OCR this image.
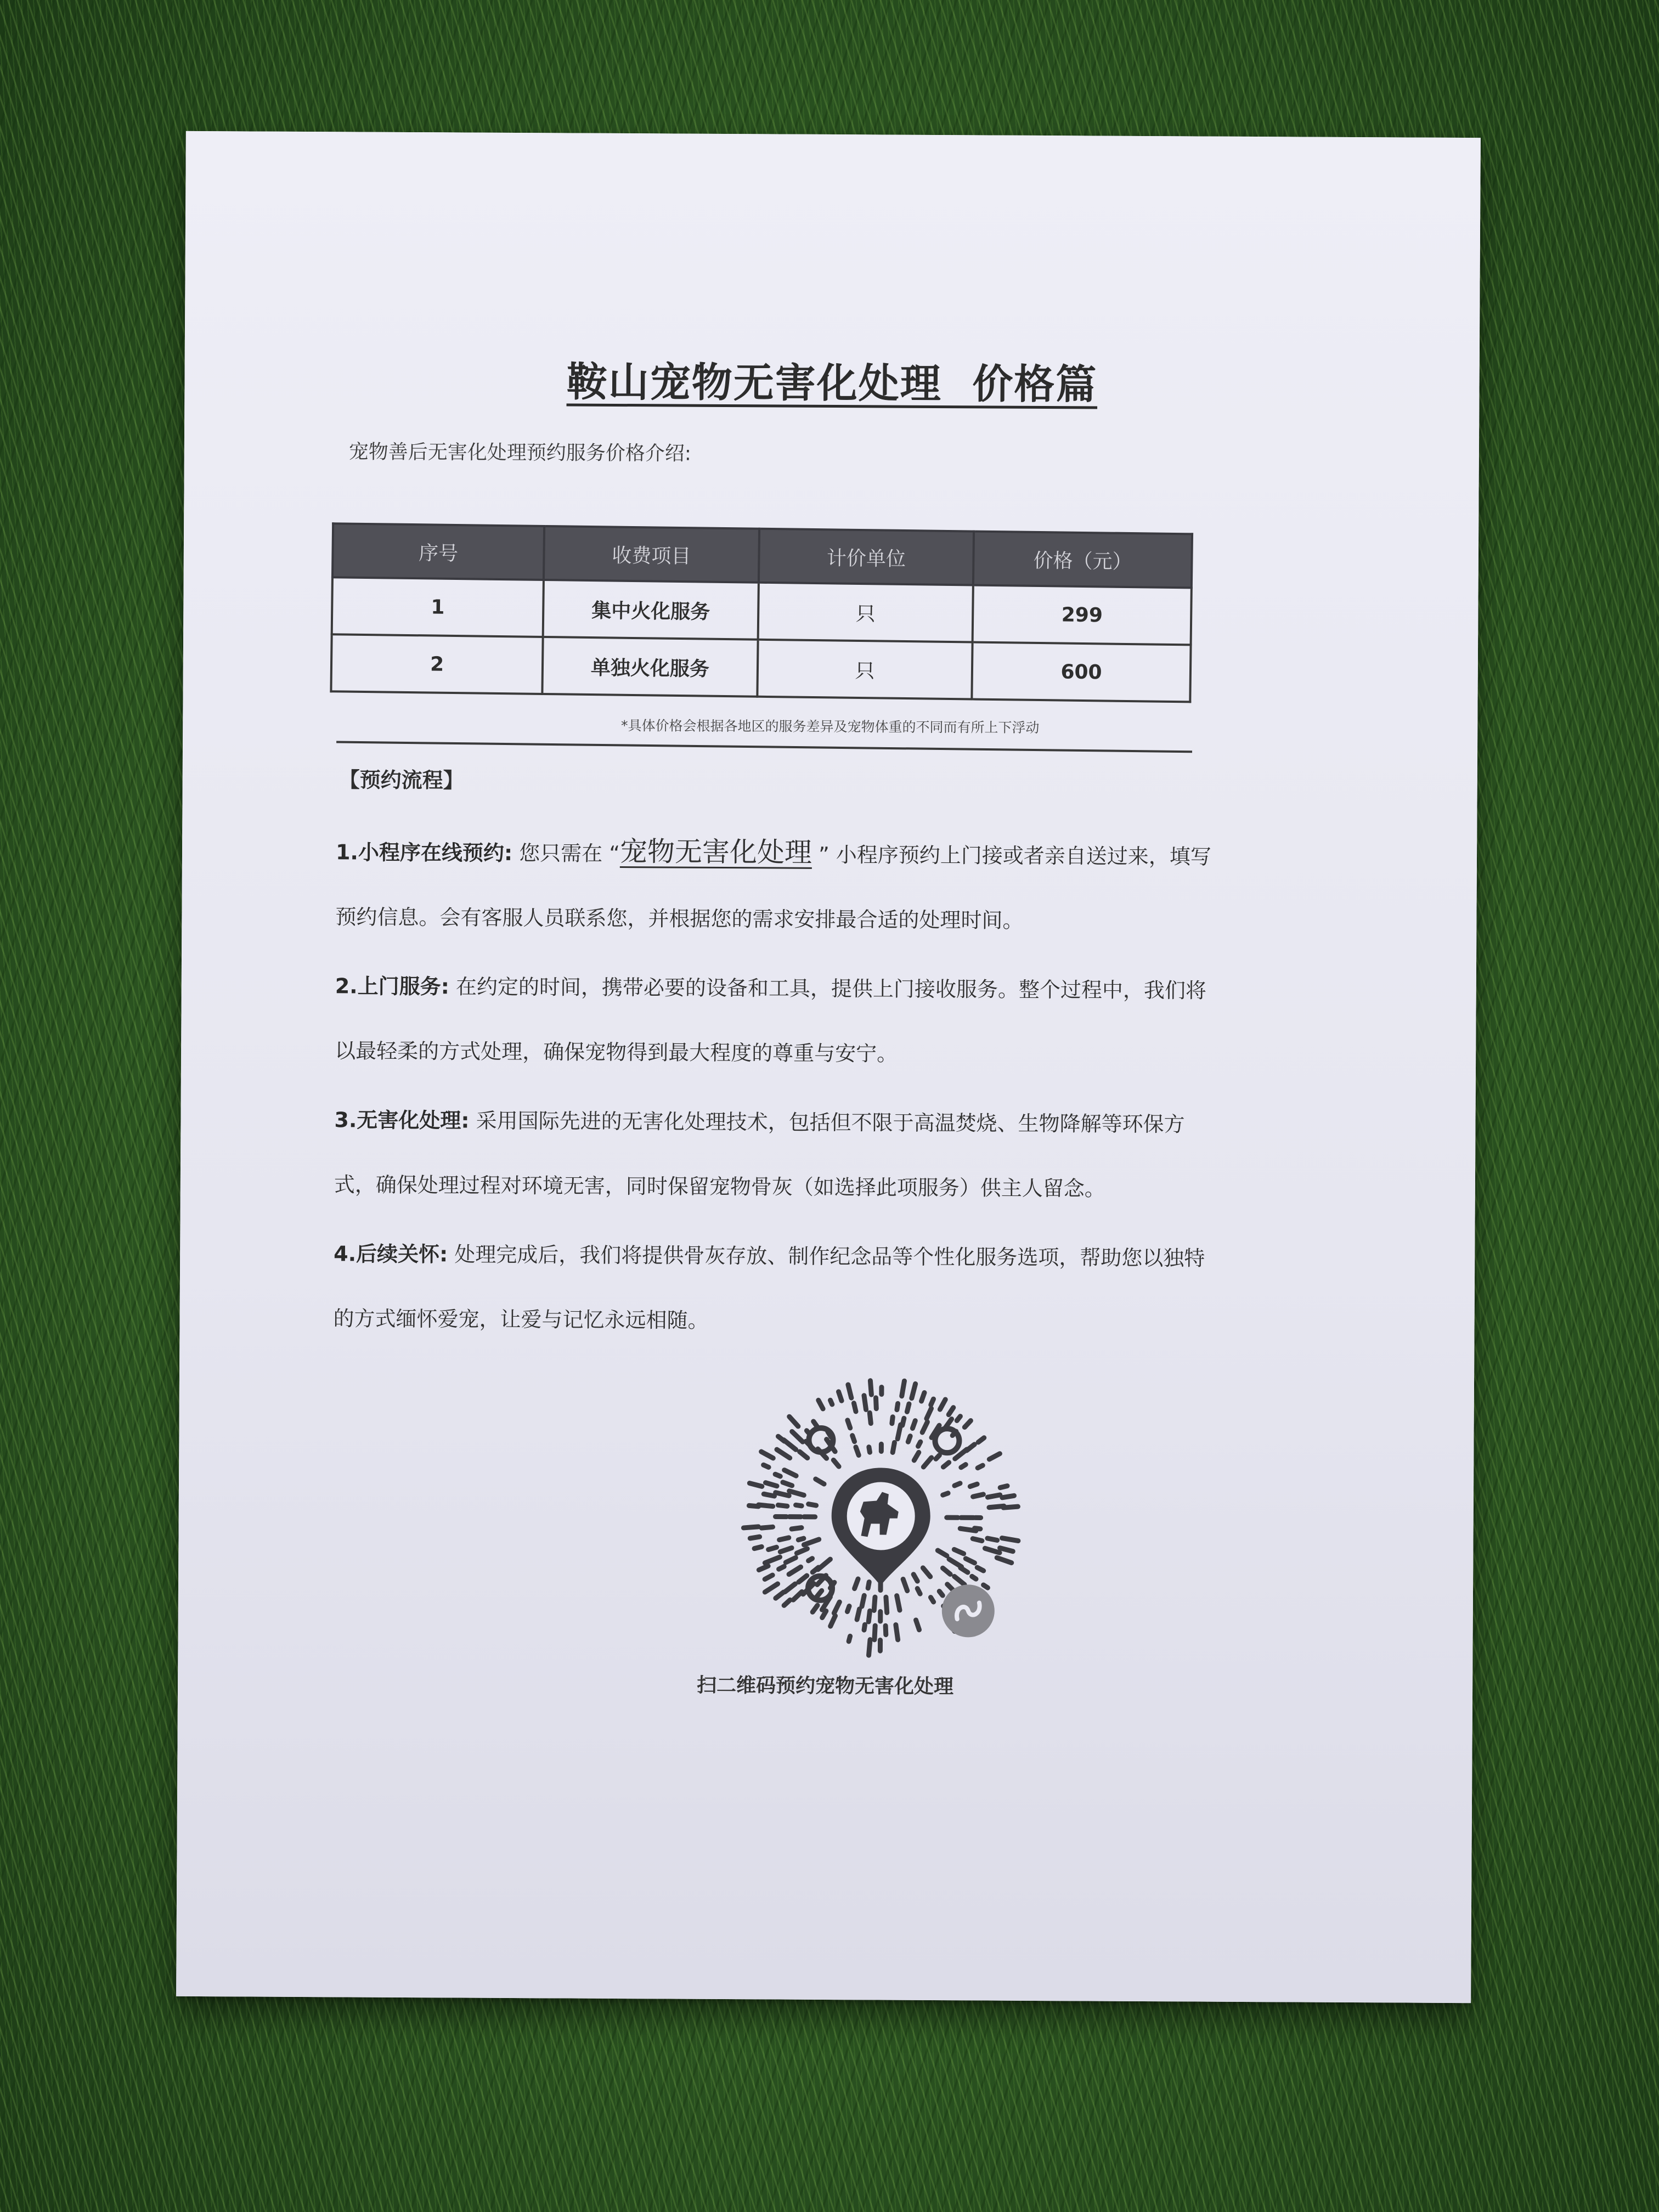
鞍山宠物无害化处理  价格篇
宠物善后无害化处理预约服务价格介绍:
序号	收费项目	计价单位	价格（元）
1	集中火化服务	只	299
2	单独火化服务	只	600
*具体价格会根据各地区的服务差异及宠物体重的不同而有所上下浮动
【预约流程】

1.小程序在线预约: 您只需在 “宠物无害化处理 ” 小程序预约上门接或者亲自送过来，填写预约信息。会有客服人员联系您，并根据您的需求安排最合适的处理时间。

2.上门服务: 在约定的时间，携带必要的设备和工具，提供上门接收服务。整个过程中，我们将以最轻柔的方式处理，确保宠物得到最大程度的尊重与安宁。

3.无害化处理: 采用国际先进的无害化处理技术，包括但不限于高温焚烧、生物降解等环保方式，确保处理过程对环境无害，同时保留宠物骨灰（如选择此项服务）供主人留念。

4.后续关怀: 处理完成后，我们将提供骨灰存放、制作纪念品等个性化服务选项，帮助您以独特的方式缅怀爱宠，让爱与记忆永远相随。

扫二维码预约宠物无害化处理
